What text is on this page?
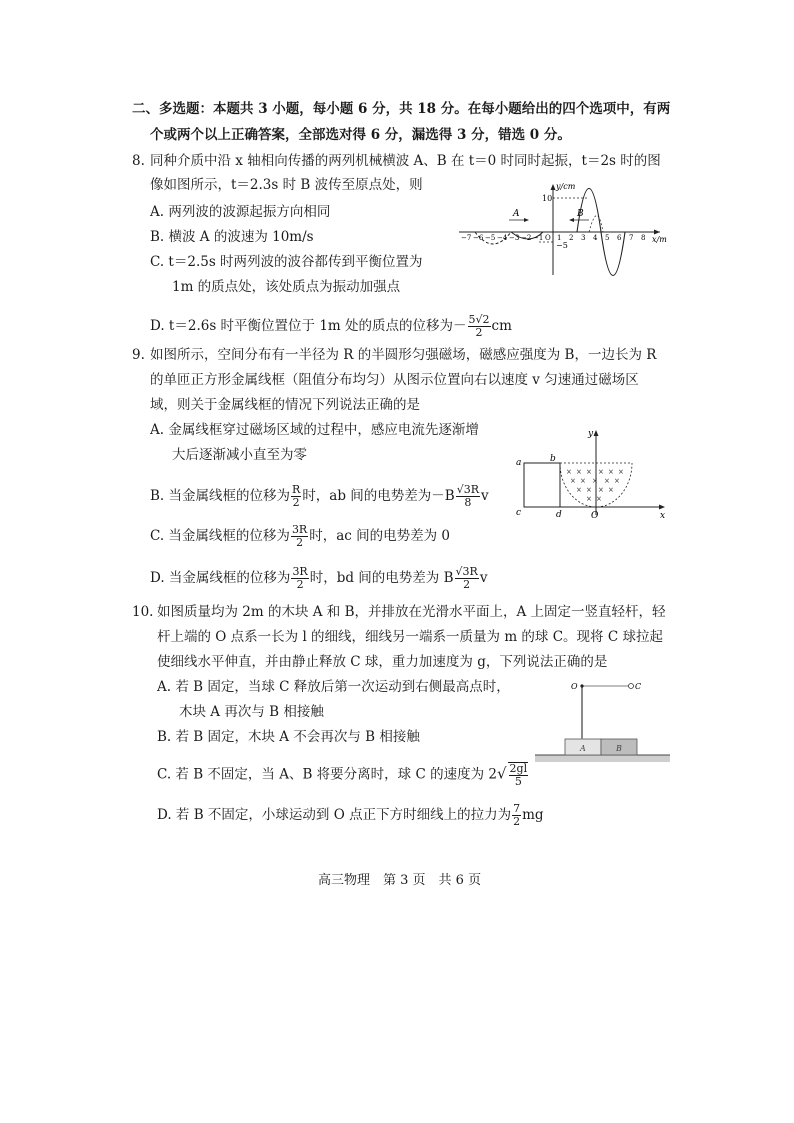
二、多选题：本题共 3 小题，每小题 6 分，共 18 分。在每小题给出的四个选项中，有两
个或两个以上正确答案，全部选对得 6 分，漏选得 3 分，错选 0 分。
8. 同种介质中沿 x 轴相向传播的两列机械横波 A、B 在 t＝0 时同时起振，t＝2s 时的图
像如图所示，t＝2.3s 时 B 波传至原点处，则
A. 两列波的波源起振方向相同
B. 横波 A 的波速为 10m/s
C. t＝2.5s 时两列波的波谷都传到平衡位置为
1m 的质点处，该处质点为振动加强点
D. t＝2.6s 时平衡位置位于 1m 处的质点的位移为－ $\frac{5√2}{2}$ cm
y/cm
x/m
10
−5
A	B
−7 −6 −5 −4 −3 −2 −1 O 1 2 3 4 5 6 7 8
9. 如图所示，空间分布有一半径为 R 的半圆形匀强磁场，磁感应强度为 B，一边长为 R
的单匝正方形金属线框（阻值分布均匀）从图示位置向右以速度 v 匀速通过磁场区
域，则关于金属线框的情况下列说法正确的是
A. 金属线框穿过磁场区域的过程中，感应电流先逐渐增
大后逐渐减小直至为零
B. 当金属线框的位移为 $\frac{R}{2}$ 时，ab 间的电势差为$-B \frac{√3R}{8}$ v
C. 当金属线框的位移为 $\frac{3R}{2}$ 时，ac 间的电势差为 0
D. 当金属线框的位移为 $\frac{3R}{2}$ 时，bd 间的电势差为 B $\frac{√3R}{2}$ v
y
x
a	b
c	d	O
× × × × × ×
× × × × ×
× × × ×
× ×
10. 如图质量均为 2m 的木块 A 和 B，并排放在光滑水平面上，A 上固定一竖直轻杆，轻
杆上端的 O 点系一长为 l 的细线，细线另一端系一质量为 m 的球 C。现将 C 球拉起
使细线水平伸直，并由静止释放 C 球，重力加速度为 g，下列说法正确的是
A. 若 B 固定，当球 C 释放后第一次运动到右侧最高点时，
木块 A 再次与 B 相接触
B. 若 B 固定，木块 A 不会再次与 B 相接触
C. 若 B 不固定，当 A、B 将要分离时，球 C 的速度为 $2√ \frac{2gl}{5}$
D. 若 B 不固定，小球运动到 O 点正下方时细线上的拉力为 $\frac{7}{2}$ mg
A	B
O	C
高三物理　第 3 页　共 6 页
